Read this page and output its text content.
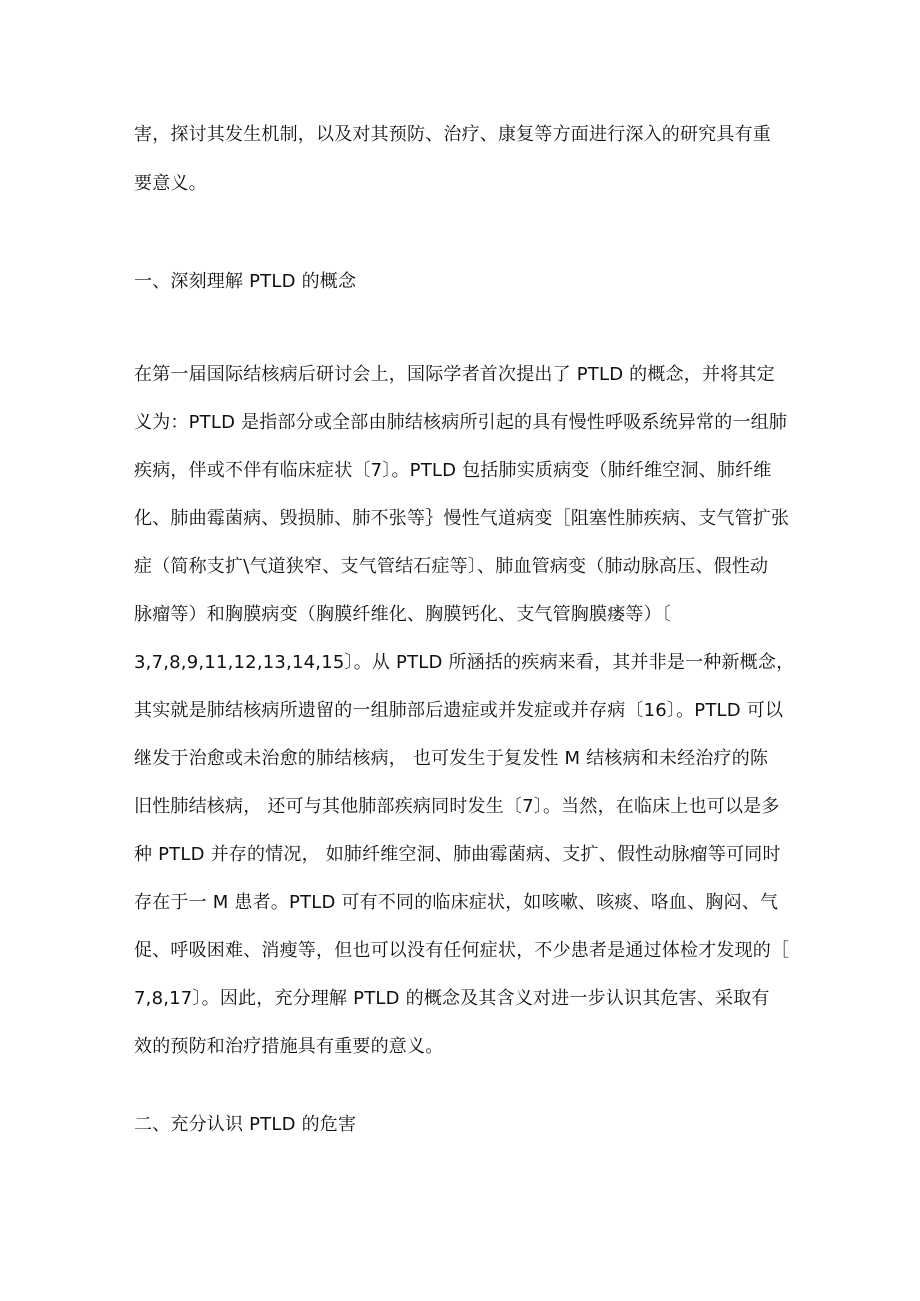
害，探讨其发生机制，以及对其预防、治疗、康复等方面进行深入的研究具有重
要意义。
一、深刻理解 PTLD 的概念
在第一届国际结核病后研讨会上，国际学者首次提出了 PTLD 的概念，并将其定
义为：PTLD 是指部分或全部由肺结核病所引起的具有慢性呼吸系统异常的一组肺
疾病，伴或不伴有临床症状〔7〕。PTLD 包括肺实质病变（肺纤维空洞、肺纤维
化、肺曲霉菌病、毁损肺、肺不张等｝慢性气道病变［阻塞性肺疾病、支气管扩张
症（简称支扩\气道狭窄、支气管结石症等〕、肺血管病变（肺动脉高压、假性动
脉瘤等）和胸膜病变（胸膜纤维化、胸膜钙化、支气管胸膜瘘等）〔
3,7,8,9,11,12,13,14,15〕。从 PTLD 所涵括的疾病来看，其并非是一种新概念，
其实就是肺结核病所遗留的一组肺部后遗症或并发症或并存病〔16〕。PTLD 可以
继发于治愈或未治愈的肺结核病， 也可发生于复发性 M 结核病和未经治疗的陈
旧性肺结核病， 还可与其他肺部疾病同时发生〔7〕。当然，在临床上也可以是多
种 PTLD 并存的情况， 如肺纤维空洞、肺曲霉菌病、支扩、假性动脉瘤等可同时
存在于一 M 患者。PTLD 可有不同的临床症状，如咳嗽、咳痰、咯血、胸闷、气
促、呼吸困难、消瘦等，但也可以没有任何症状，不少患者是通过体检才发现的［
7,8,17〕。因此，充分理解 PTLD 的概念及其含义对进一步认识其危害、采取有
效的预防和治疗措施具有重要的意义。
二、充分认识 PTLD 的危害
